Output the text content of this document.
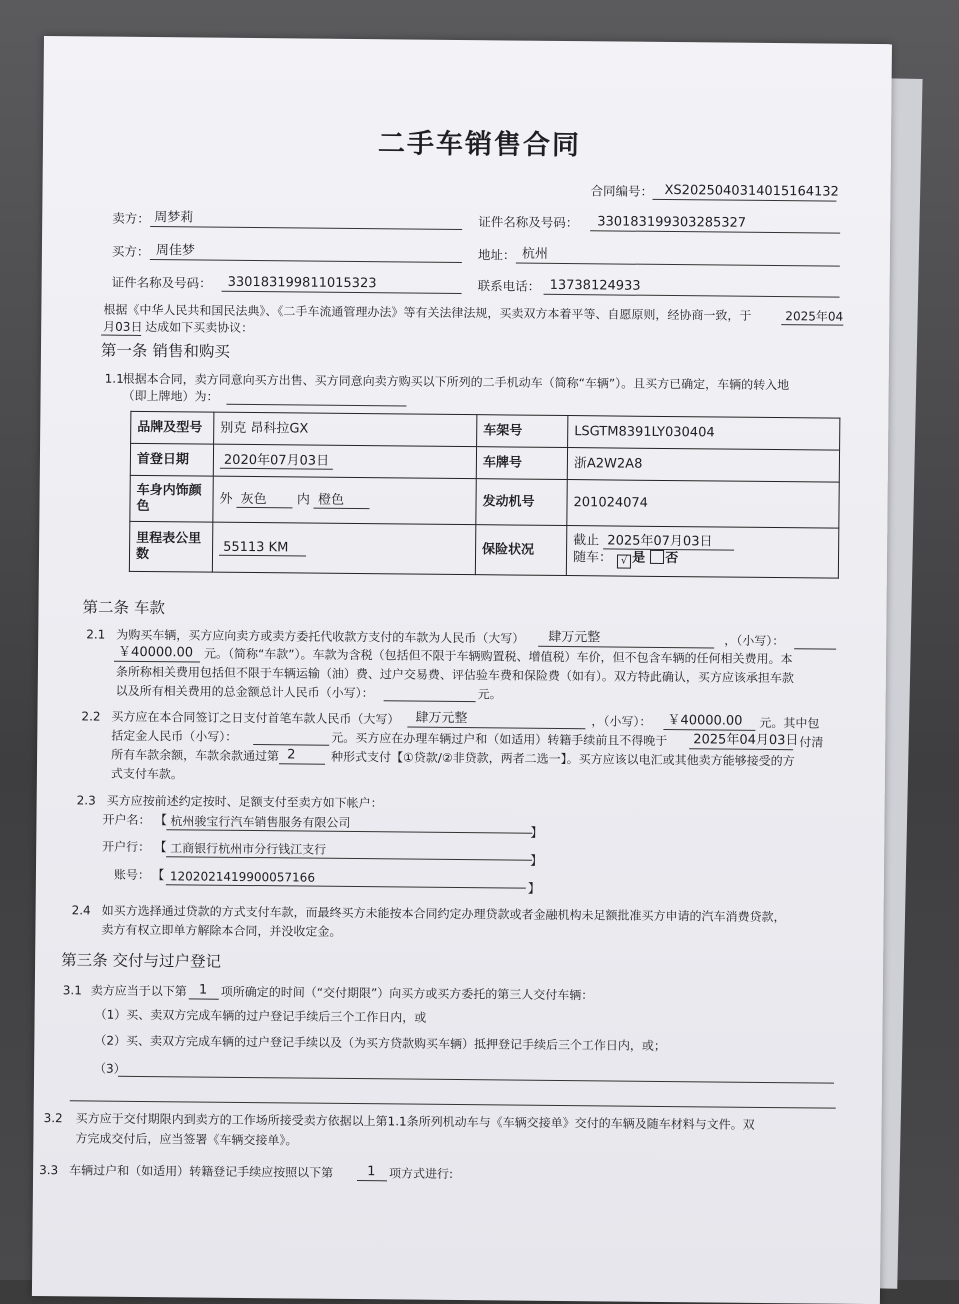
二手车销售合同
合同编号： XS2025040314015164132
卖方： 周梦莉	证件名称及号码： 330183199303285327
买方： 周佳梦	地址： 杭州
证件名称及号码： 330183199811015323	联系电话： 13738124933
根据《中华人民共和国民法典》、《二手车流通管理办法》等有关法律法规，买卖双方本着平等、自愿原则，经协商一致，于	2025年04
月03日 达成如下买卖协议：
第一条 销售和购买
1.1
根据本合同，卖方同意向买方出售、买方同意向卖方购买以下所列的二手机动车（简称“车辆”）。且买方已确定，车辆的转入地
（即上牌地）为：
品牌及型号	别克 昂科拉GX	车架号	LSGTM8391LY030404
首登日期	2020年07月03日	车牌号	浙A2W2A8
车身内饰颜色	外 灰色 内 橙色	发动机号	201024074
里程表公里数	55113 KM	保险状况	截止 2025年07月03日
随车： √ 是 否
第二条 车款
2.1 为购买车辆，买方应向卖方或卖方委托代收款方支付的车款为人民币（大写） 肆万元整	，（小写）：
￥40000.00 元。（简称“车款”）。车款为含税（包括但不限于车辆购置税、增值税）车价，但不包含车辆的任何相关费用。本
条所称相关费用包括但不限于车辆运输（油）费、过户交易费、评估验车费和保险费（如有）。双方特此确认，买方应该承担车款
以及所有相关费用的总金额总计人民币（小写）：	元。
2.2 买方应在本合同签订之日支付首笔车款人民币（大写） 肆万元整	，（小写）： ￥40000.00 元。其中包
括定金人民币（小写）：	元。买方应在办理车辆过户和（如适用）转籍手续前且不得晚于 2025年04月03日 付清
所有车款余额，车款余款通过第 2	种形式支付【①贷款/②非贷款，两者二选一】。买方应该以电汇或其他卖方能够接受的方
式支付车款。
2.3 买方应按前述约定按时、足额支付至卖方如下帐户：
开户名： 【 杭州骏宝行汽车销售服务有限公司
】
开户行： 【 工商银行杭州市分行钱江支行
】
账号： 【 1202021419900057166
】
2.4 如买方选择通过贷款的方式支付车款，而最终买方未能按本合同约定办理贷款或者金融机构未足额批准买方申请的汽车消费贷款，
卖方有权立即单方解除本合同，并没收定金。
第三条 交付与过户登记
3.1 卖方应当于以下第 1 项所确定的时间（“交付期限”）向买方或买方委托的第三人交付车辆：
（1）买、卖双方完成车辆的过户登记手续后三个工作日内，或
（2）买、卖双方完成车辆的过户登记手续以及（为买方贷款购买车辆）抵押登记手续后三个工作日内，或；
（3）
3.2 买方应于交付期限内到卖方的工作场所接受卖方依据以上第1.1条所列机动车与《车辆交接单》交付的车辆及随车材料与文件。双
方完成交付后，应当签署《车辆交接单》。
3.3 车辆过户和（如适用）转籍登记手续应按照以下第	1 项方式进行:
